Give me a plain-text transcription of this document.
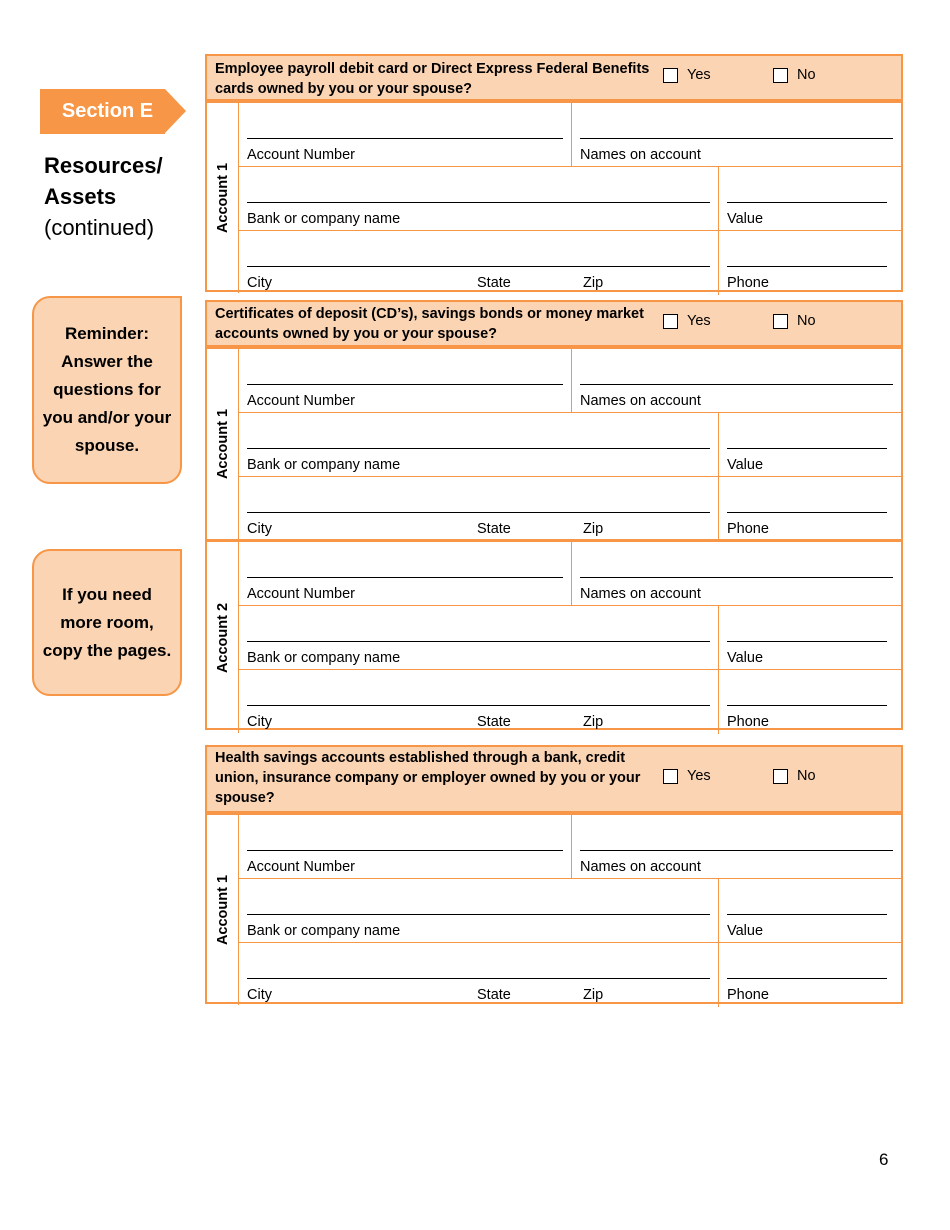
Section E
Resources/
Assets
(continued)
Reminder: Answer the questions for you and/or your spouse.
If you need more room, copy the pages.
Employee payroll debit card or Direct Express Federal Benefits cards owned by you or your spouse?
Yes	No
Account 1
Account Number	Names on account
Bank or company name	Value
City	State	Zip	Phone
Certificates of deposit (CD’s), savings bonds or money market accounts owned by you or your spouse?
Yes	No
Account 1
Account Number	Names on account
Bank or company name	Value
City	State	Zip	Phone
Account 2
Account Number	Names on account
Bank or company name	Value
City	State	Zip	Phone
Health savings accounts established through a bank, credit union, insurance company or employer owned by you or your spouse?
Yes	No
Account 1
Account Number	Names on account
Bank or company name	Value
City	State	Zip	Phone
6
